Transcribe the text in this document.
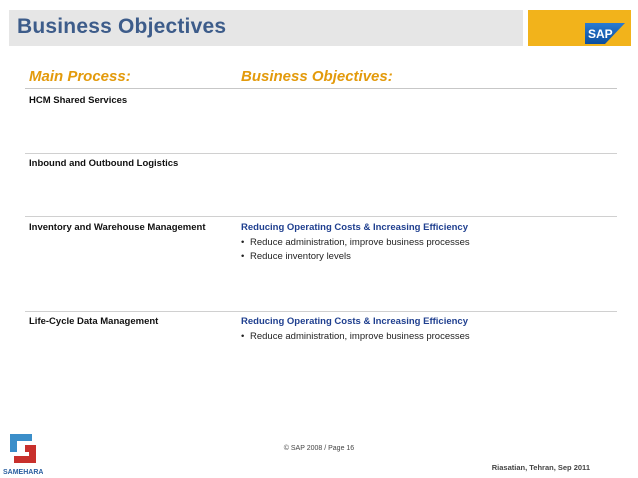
Business Objectives	SAP
Main Process:	Business Objectives:
HCM Shared Services
Inbound and Outbound Logistics
Inventory and Warehouse Management	Reducing Operating Costs & Increasing Efficiency
• Reduce administration, improve business processes
• Reduce inventory levels
Life-Cycle Data Management	Reducing Operating Costs & Increasing Efficiency
• Reduce administration, improve business processes
© SAP 2008 / Page 16
Riasatian, Tehran, Sep 2011
SAMEHARA
